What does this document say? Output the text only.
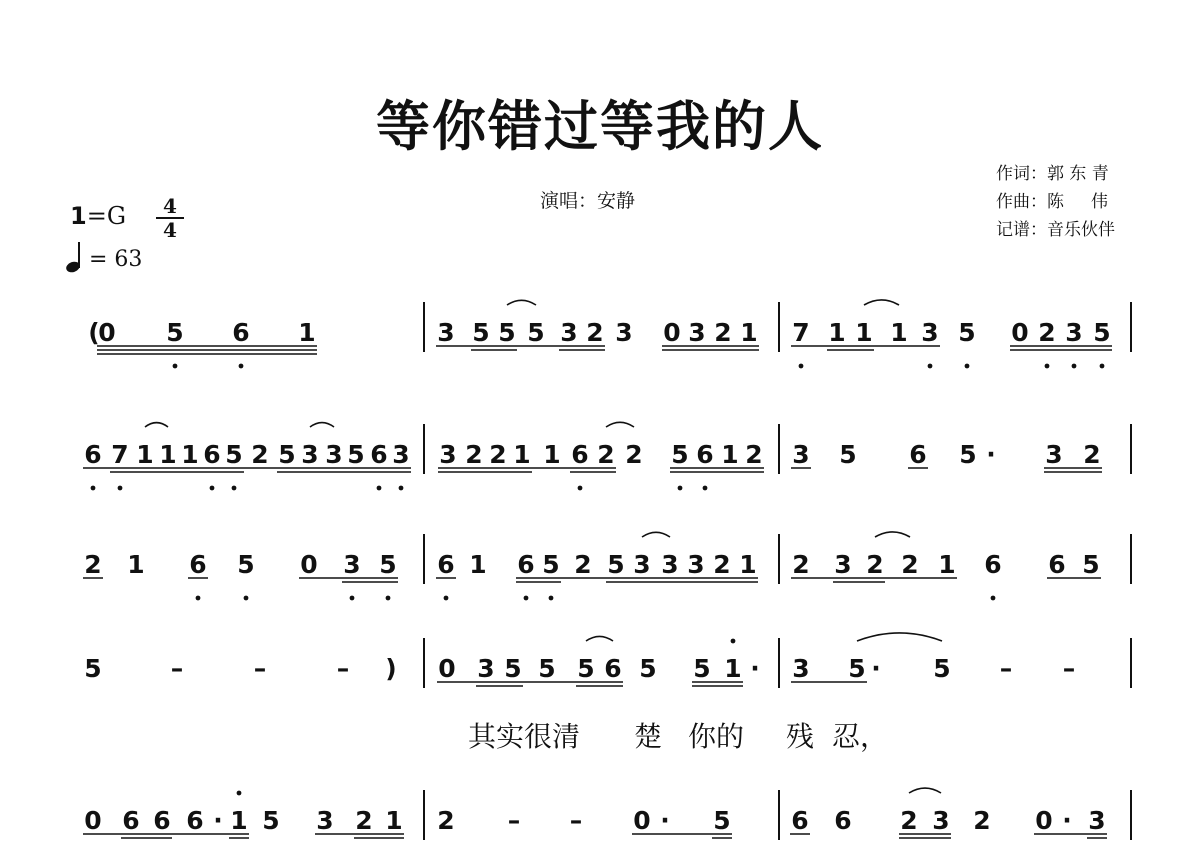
等你错过等我的人
演唱：安静
作词：郭 东 青
作曲：陈     伟
记谱：音乐伙伴
1=G	4
4
= 63
(
0 5 6 1	3 5 5 5 3 2 3 0 3 2 1 7 1 1 1 3 5 0 2 3 5
6 7 1 1 1 6 5 2 5 3 3 5 6 3 3 2 2 1 1 6 2 2 5 6 1 2 3 5 6 5 · 3 2
2 1 6 5 0 3 5 6 1 6 5 2 5 3 3 3 2 1 2 3 2 2 1 6 6 5
5	–	–	– ) 0 3 5 5 5 6 5 5 1 · 3 5 · 5 – –
其实很清 楚 你的 残 忍，
0 6 6 6 · 1 5 3 2 1 2 – – 0 · 5 6 6 2 3 2 0 · 3
